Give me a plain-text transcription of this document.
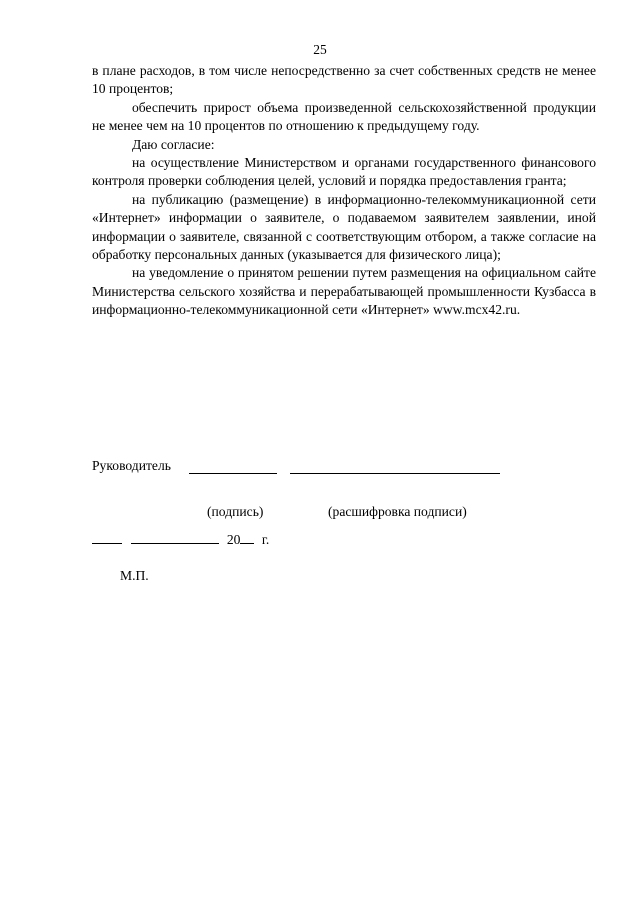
25

в плане расходов, в том числе непосредственно за счет собственных средств не менее 10 процентов;

обеспечить прирост объема произведенной сельскохозяйственной продукции не менее чем на 10 процентов по отношению к предыдущему году.

Даю согласие:

на осуществление Министерством и органами государственного финансового контроля проверки соблюдения целей, условий и порядка предоставления гранта;

на публикацию (размещение) в информационно-телекоммуникационной сети «Интернет» информации о заявителе, о подаваемом заявителем заявлении, иной информации о заявителе, связанной с соответствующим отбором, а также согласие на обработку персональных данных (указывается для физического лица);

на уведомление о принятом решении путем размещения на официальном сайте Министерства сельского хозяйства и перерабатывающей промышленности Кузбасса в информационно-телекоммуникационной сети «Интернет» www.mcx42.ru.

Руководитель
(подпись)	(расшифровка подписи)
20 г.
М.П.
